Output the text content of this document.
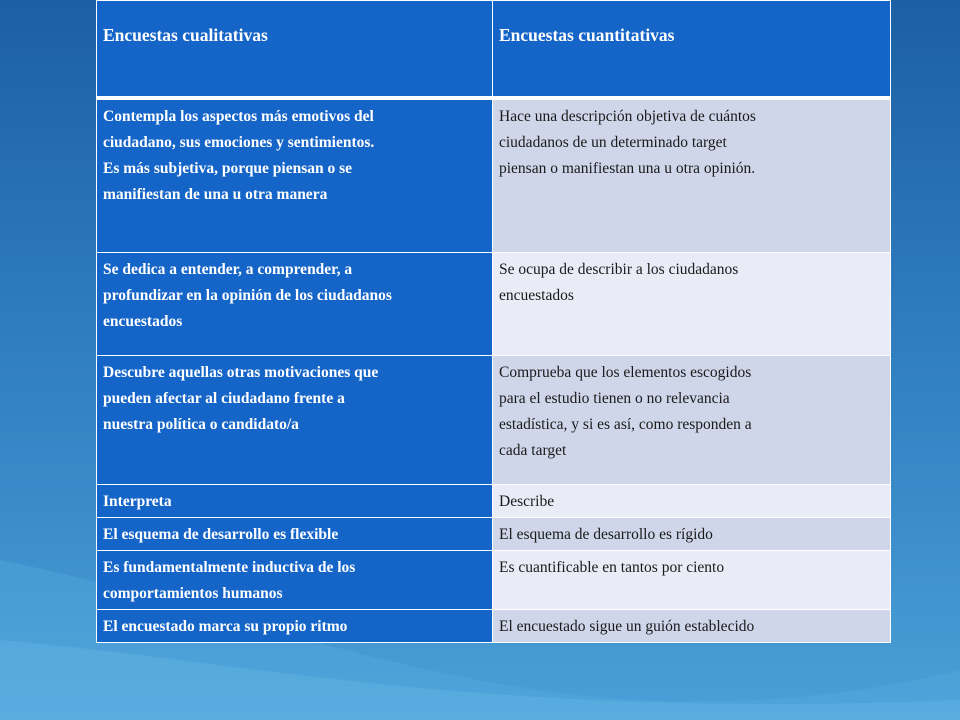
Encuestas cualitativas	Encuestas cuantitativas

Contempla los aspectos más emotivos del ciudadano, sus emociones y sentimientos. Es más subjetiva, porque piensan o se manifiestan de una u otra manera	Hace una descripción objetiva de cuántos ciudadanos de un determinado target piensan o manifiestan una u otra opinión.

Se dedica a entender, a comprender, a profundizar en la opinión de los ciudadanos encuestados	Se ocupa de describir a los ciudadanos encuestados

Descubre aquellas otras motivaciones que pueden afectar al ciudadano frente a nuestra política o candidato/a	Comprueba que los elementos escogidos para el estudio tienen o no relevancia estadística, y si es así, como responden a cada target

Interpreta	Describe

El esquema de desarrollo es flexible	El esquema de desarrollo es rígido

Es fundamentalmente inductiva de los comportamientos humanos	Es cuantificable en tantos por ciento

El encuestado marca su propio ritmo	El encuestado sigue un guión establecido
